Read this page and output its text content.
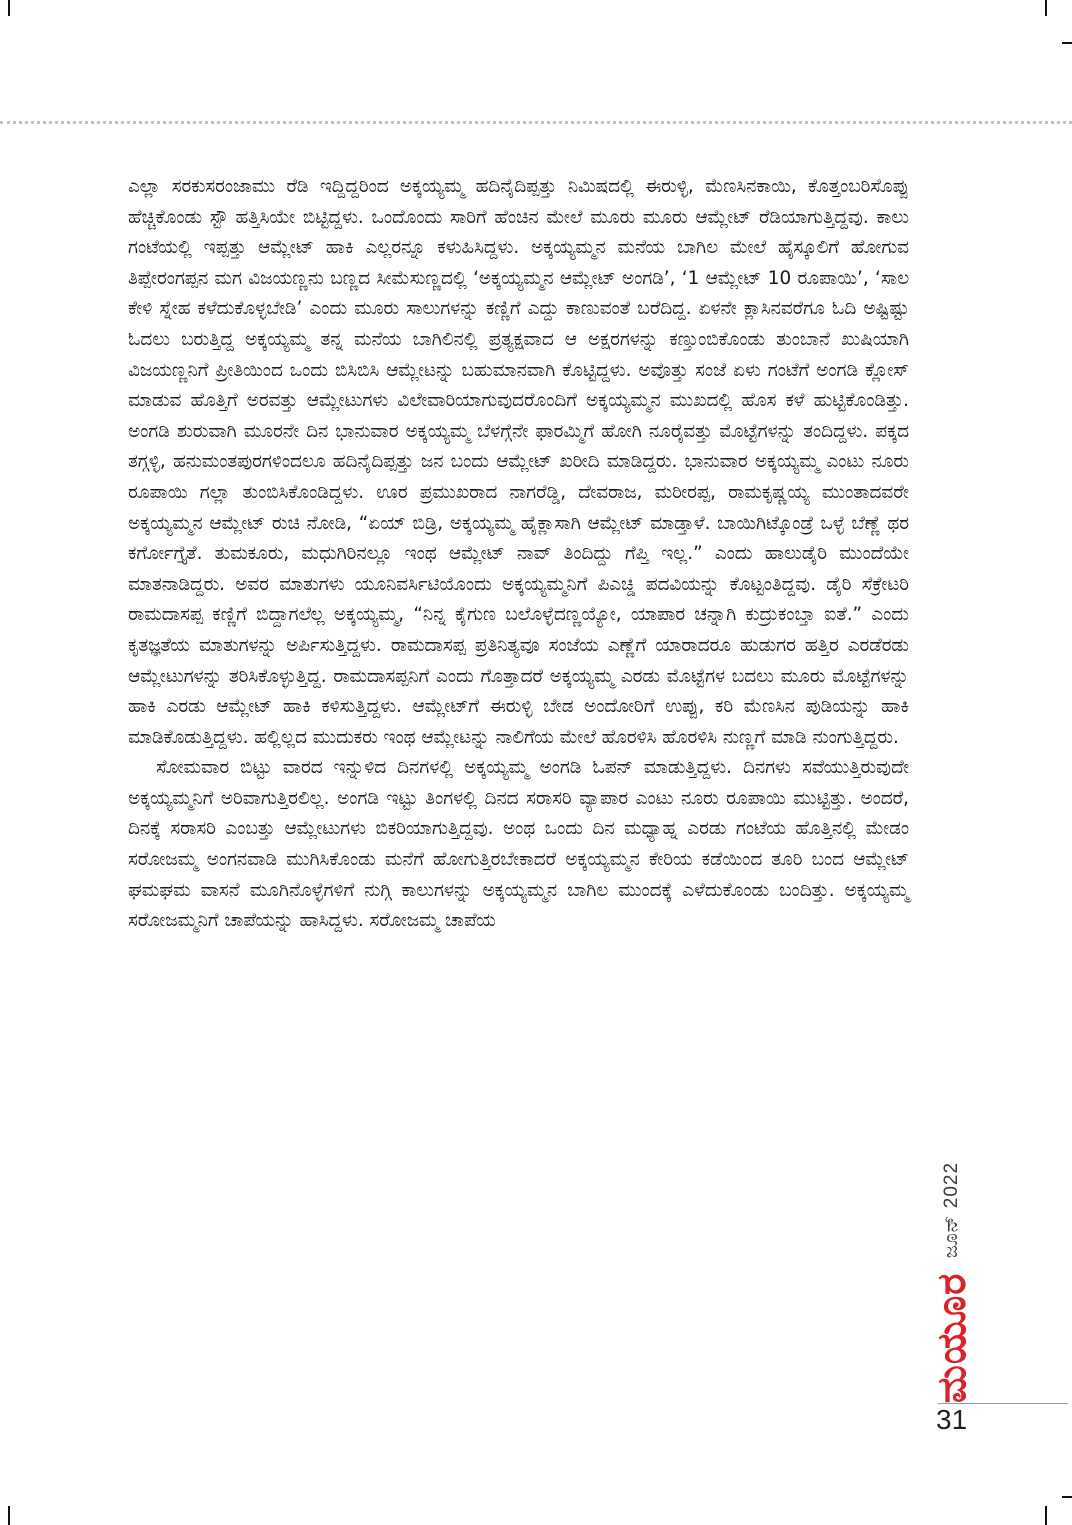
ಎಲ್ಲಾ ಸರಕುಸರಂಜಾಮು ರೆಡಿ ಇದ್ದಿದ್ದರಿಂದ ಅಕ್ಕಯ್ಯಮ್ಮ ಹದಿನೈದಿಪ್ಪತ್ತು ನಿಮಿಷದಲ್ಲಿ ಈರುಳ್ಳಿ, ಮೆಣಸಿನಕಾಯಿ, ಕೊತ್ತಂಬರಿಸೊಪ್ಪು ಹೆಚ್ಚಿಕೊಂಡು ಸ್ಟೌ ಹತ್ತಿಸಿಯೇ ಬಿಟ್ಟಿದ್ದಳು. ಒಂದೊಂದು ಸಾರಿಗೆ ಹೆಂಚಿನ ಮೇಲೆ ಮೂರು ಮೂರು ಆಮ್ಲೇಟ್ ರೆಡಿಯಾಗುತ್ತಿದ್ದವು. ಕಾಲು ಗಂಟೆಯಲ್ಲಿ ಇಪ್ಪತ್ತು ಆಮ್ಲೇಟ್ ಹಾಕಿ ಎಲ್ಲರನ್ನೂ ಕಳುಹಿಸಿದ್ದಳು. ಅಕ್ಕಯ್ಯಮ್ಮನ ಮನೆಯ ಬಾಗಿಲ ಮೇಲೆ ಹೈಸ್ಕೂಲಿಗೆ ಹೋಗುವ ತಿಪ್ಪೇರಂಗಪ್ಪನ ಮಗ ವಿಜಯಣ್ಣನು ಬಣ್ಣದ ಸೀಮೆಸುಣ್ಣದಲ್ಲಿ ‘ಅಕ್ಕಯ್ಯಮ್ಮನ ಆಮ್ಲೇಟ್ ಅಂಗಡಿ’, ‘1 ಆಮ್ಲೇಟ್ 10 ರೂಪಾಯಿ’, ‘ಸಾಲ ಕೇಳಿ ಸ್ನೇಹ ಕಳೆದುಕೊಳ್ಳಬೇಡಿ’ ಎಂದು ಮೂರು ಸಾಲುಗಳನ್ನು ಕಣ್ಣಿಗೆ ಎದ್ದು ಕಾಣುವಂತೆ ಬರೆದಿದ್ದ. ಏಳನೇ ಕ್ಲಾಸಿನವರೆಗೂ ಓದಿ ಅಷ್ಟಿಷ್ಟು ಓದಲು ಬರುತ್ತಿದ್ದ ಅಕ್ಕಯ್ಯಮ್ಮ ತನ್ನ ಮನೆಯ ಬಾಗಿಲಿನಲ್ಲಿ ಪ್ರತ್ಯಕ್ಷವಾದ ಆ ಅಕ್ಷರಗಳನ್ನು ಕಣ್ತುಂಬಿಕೊಂಡು ತುಂಬಾನೆ ಖುಷಿಯಾಗಿ ವಿಜಯಣ್ಣನಿಗೆ ಪ್ರೀತಿಯಿಂದ ಒಂದು ಬಿಸಿಬಿಸಿ ಆಮ್ಲೇಟನ್ನು ಬಹುಮಾನವಾಗಿ ಕೊಟ್ಟಿದ್ದಳು. ಅವೊತ್ತು ಸಂಜೆ ಏಳು ಗಂಟೆಗೆ ಅಂಗಡಿ ಕ್ಲೋಸ್ ಮಾಡುವ ಹೊತ್ತಿಗೆ ಅರವತ್ತು ಆಮ್ಲೇಟುಗಳು ವಿಲೇವಾರಿಯಾಗುವುದರೊಂದಿಗೆ ಅಕ್ಕಯ್ಯಮ್ಮನ ಮುಖದಲ್ಲಿ ಹೊಸ ಕಳೆ ಹುಟ್ಟಿಕೊಂಡಿತ್ತು. ಅಂಗಡಿ ಶುರುವಾಗಿ ಮೂರನೇ ದಿನ ಭಾನುವಾರ ಅಕ್ಕಯ್ಯಮ್ಮ ಬೆಳಗ್ಗೆನೇ ಫಾರಮ್ಮಿಗೆ ಹೋಗಿ ನೂರೈವತ್ತು ಮೊಟ್ಟೆಗಳನ್ನು ತಂದಿದ್ದಳು. ಪಕ್ಕದ ತಗ್ಗಳ್ಳಿ, ಹನುಮಂತಪುರಗಳಿಂದಲೂ ಹದಿನೈದಿಪ್ಪತ್ತು ಜನ ಬಂದು ಆಮ್ಲೇಟ್ ಖರೀದಿ ಮಾಡಿದ್ದರು. ಭಾನುವಾರ ಅಕ್ಕಯ್ಯಮ್ಮ ಎಂಟು ನೂರು ರೂಪಾಯಿ ಗಲ್ಲಾ ತುಂಬಿಸಿಕೊಂಡಿದ್ದಳು. ಊರ ಪ್ರಮುಖರಾದ ನಾಗರೆಡ್ಡಿ, ದೇವರಾಜ, ಮರೀರಪ್ಪ, ರಾಮಕೃಷ್ಣಯ್ಯ ಮುಂತಾದವರೇ ಅಕ್ಕಯ್ಯಮ್ಮನ ಆಮ್ಲೇಟ್ ರುಚಿ ನೋಡಿ, “ಏಯ್ ಬಿಡ್ರಿ, ಅಕ್ಕಯ್ಯಮ್ಮ ಹೈಕ್ಲಾಸಾಗಿ ಆಮ್ಲೇಟ್ ಮಾಡ್ತಾಳೆ. ಬಾಯಿಗಿಟ್ಕೊಂಡ್ರೆ ಒಳ್ಳೆ ಬೆಣ್ಣೆ ಥರ ಕರ್ಗೋಗ್ತೈತೆ. ತುಮಕೂರು, ಮಧುಗಿರಿನಲ್ಲೂ ಇಂಥ ಆಮ್ಲೇಟ್ ನಾವ್ ತಿಂದಿದ್ದು ಗೆಪ್ತಿ ಇಲ್ಲ.” ಎಂದು ಹಾಲುಡೈರಿ ಮುಂದೆಯೇ ಮಾತನಾಡಿದ್ದರು. ಅವರ ಮಾತುಗಳು ಯೂನಿವರ್ಸಿಟಿಯೊಂದು ಅಕ್ಕಯ್ಯಮ್ಮನಿಗೆ ಪಿಎಚ್ಡಿ ಪದವಿಯನ್ನು ಕೊಟ್ಟಂತಿದ್ದವು. ಡೈರಿ ಸೆಕ್ರೇಟರಿ ರಾಮದಾಸಪ್ಪ ಕಣ್ಣಿಗೆ ಬಿದ್ದಾಗಲೆಲ್ಲ ಅಕ್ಕಯ್ಯಮ್ಮ, “ನಿನ್ನ ಕೈಗುಣ ಬಲೊಳ್ಳೆದಣ್ಣಯ್ಯೋ, ಯಾಪಾರ ಚನ್ನಾಗಿ ಕುದ್ರುಕಂಬ್ತಾ ಐತೆ.” ಎಂದು ಕೃತಜ್ಞತೆಯ ಮಾತುಗಳನ್ನು ಅರ್ಪಿಸುತ್ತಿದ್ದಳು. ರಾಮದಾಸಪ್ಪ ಪ್ರತಿನಿತ್ಯವೂ ಸಂಜೆಯ ಎಣ್ಣೆಗೆ ಯಾರಾದರೂ ಹುಡುಗರ ಹತ್ತಿರ ಎರಡೆರಡು ಆಮ್ಲೇಟುಗಳನ್ನು ತರಿಸಿಕೊಳ್ಳುತ್ತಿದ್ದ. ರಾಮದಾಸಪ್ಪನಿಗೆ ಎಂದು ಗೊತ್ತಾದರೆ ಅಕ್ಕಯ್ಯಮ್ಮ ಎರಡು ಮೊಟ್ಟೆಗಳ ಬದಲು ಮೂರು ಮೊಟ್ಟೆಗಳನ್ನು ಹಾಕಿ ಎರಡು ಆಮ್ಲೇಟ್ ಹಾಕಿ ಕಳಿಸುತ್ತಿದ್ದಳು. ಆಮ್ಲೇಟ್‌ಗೆ ಈರುಳ್ಳಿ ಬೇಡ ಅಂದೋರಿಗೆ ಉಪ್ಪು, ಕರಿ ಮೆಣಸಿನ ಪುಡಿಯನ್ನು ಹಾಕಿ ಮಾಡಿಕೊಡುತ್ತಿದ್ದಳು. ಹಲ್ಲಿಲ್ಲದ ಮುದುಕರು ಇಂಥ ಆಮ್ಲೇಟನ್ನು ನಾಲಿಗೆಯ ಮೇಲೆ ಹೊರಳಿಸಿ ಹೊರಳಿಸಿ ನುಣ್ಣಗೆ ಮಾಡಿ ನುಂಗುತ್ತಿದ್ದರು.

ಸೋಮವಾರ ಬಿಟ್ಟು ವಾರದ ಇನ್ನುಳಿದ ದಿನಗಳಲ್ಲಿ ಅಕ್ಕಯ್ಯಮ್ಮ ಅಂಗಡಿ ಓಪನ್ ಮಾಡುತ್ತಿದ್ದಳು. ದಿನಗಳು ಸವೆಯುತ್ತಿರುವುದೇ ಅಕ್ಕಯ್ಯಮ್ಮನಿಗೆ ಅರಿವಾಗುತ್ತಿರಲಿಲ್ಲ. ಅಂಗಡಿ ಇಟ್ಟು ತಿಂಗಳಲ್ಲಿ ದಿನದ ಸರಾಸರಿ ವ್ಯಾಪಾರ ಎಂಟು ನೂರು ರೂಪಾಯಿ ಮುಟ್ಟಿತ್ತು. ಅಂದರೆ, ದಿನಕ್ಕೆ ಸರಾಸರಿ ಎಂಬತ್ತು ಆಮ್ಲೇಟುಗಳು ಬಿಕರಿಯಾಗುತ್ತಿದ್ದವು. ಅಂಥ ಒಂದು ದಿನ ಮಧ್ಯಾಹ್ನ ಎರಡು ಗಂಟೆಯ ಹೊತ್ತಿನಲ್ಲಿ ಮೇಡಂ ಸರೋಜಮ್ಮ ಅಂಗನವಾಡಿ ಮುಗಿಸಿಕೊಂಡು ಮನೆಗೆ ಹೋಗುತ್ತಿರಬೇಕಾದರೆ ಅಕ್ಕಯ್ಯಮ್ಮನ ಕೇರಿಯ ಕಡೆಯಿಂದ ತೂರಿ ಬಂದ ಆಮ್ಲೇಟ್ ಘಮಘಮ ವಾಸನೆ ಮೂಗಿನೊಳ್ಳೆಗಳಿಗೆ ನುಗ್ಗಿ ಕಾಲುಗಳನ್ನು ಅಕ್ಕಯ್ಯಮ್ಮನ ಬಾಗಿಲ ಮುಂದಕ್ಕೆ ಎಳೆದುಕೊಂಡು ಬಂದಿತ್ತು. ಅಕ್ಕಯ್ಯಮ್ಮ ಸರೋಜಮ್ಮನಿಗೆ ಚಾಪೆಯನ್ನು ಹಾಸಿದ್ದಳು. ಸರೋಜಮ್ಮ ಚಾಪೆಯ

ಜೂನ್ 2022
ಮಯೂರ
31
